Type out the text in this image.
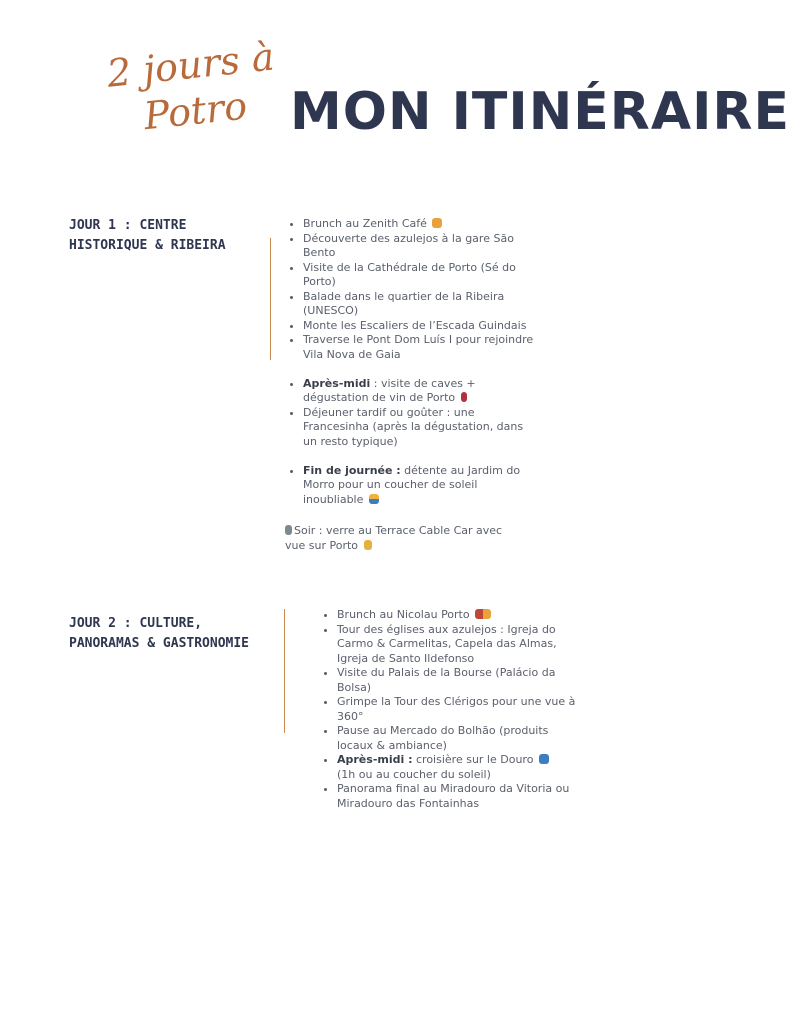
2 jours à
Potro MON ITINÉRAIRE
JOUR 1 : CENTRE HISTORIQUE & RIBEIRA
• Brunch au Zenith Café
• Découverte des azulejos à la gare São Bento
• Visite de la Cathédrale de Porto (Sé do Porto)
• Balade dans le quartier de la Ribeira (UNESCO)
• Monte les Escaliers de l’Escada Guindais
• Traverse le Pont Dom Luís I pour rejoindre Vila Nova de Gaia
• Après-midi : visite de caves + dégustation de vin de Porto
• Déjeuner tardif ou goûter : une Francesinha (après la dégustation, dans un resto typique)
• Fin de journée : détente au Jardim do Morro pour un coucher de soleil inoubliable
Soir : verre au Terrace Cable Car avec vue sur Porto
JOUR 2 : CULTURE, PANORAMAS & GASTRONOMIE
• Brunch au Nicolau Porto
• Tour des églises aux azulejos : Igreja do Carmo & Carmelitas, Capela das Almas, Igreja de Santo Ildefonso
• Visite du Palais de la Bourse (Palácio da Bolsa)
• Grimpe la Tour des Clérigos pour une vue à 360°
• Pause au Mercado do Bolhão (produits locaux & ambiance)
• Après-midi : croisière sur le Douro
(1h ou au coucher du soleil)
• Panorama final au Miradouro da Vitoria ou Miradouro das Fontainhas
